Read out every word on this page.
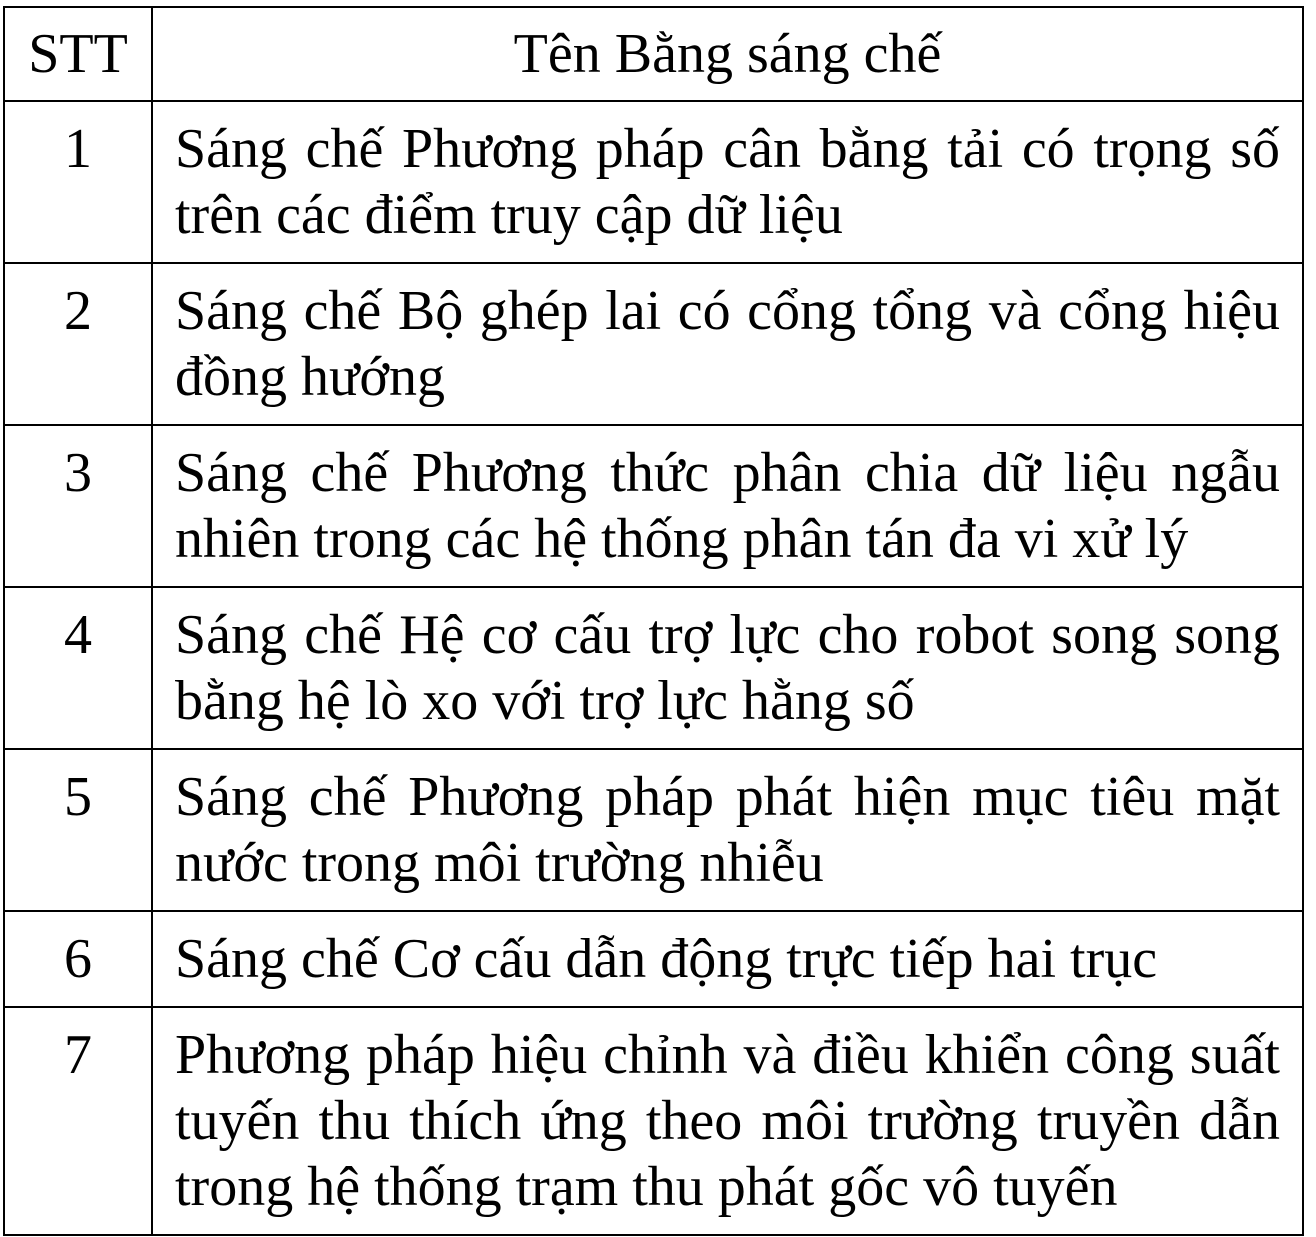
STT	Tên Bằng sáng chế
1	Sáng chế Phương pháp cân bằng tải có trọng số trên các điểm truy cập dữ liệu
2	Sáng chế Bộ ghép lai có cổng tổng và cổng hiệu đồng hướng
3	Sáng chế Phương thức phân chia dữ liệu ngẫu nhiên trong các hệ thống phân tán đa vi xử lý
4	Sáng chế Hệ cơ cấu trợ lực cho robot song song bằng hệ lò xo với trợ lực hằng số
5	Sáng chế Phương pháp phát hiện mục tiêu mặt nước trong môi trường nhiễu
6	Sáng chế Cơ cấu dẫn động trực tiếp hai trục
7	Phương pháp hiệu chỉnh và điều khiển công suất tuyến thu thích ứng theo môi trường truyền dẫn trong hệ thống trạm thu phát gốc vô tuyến
